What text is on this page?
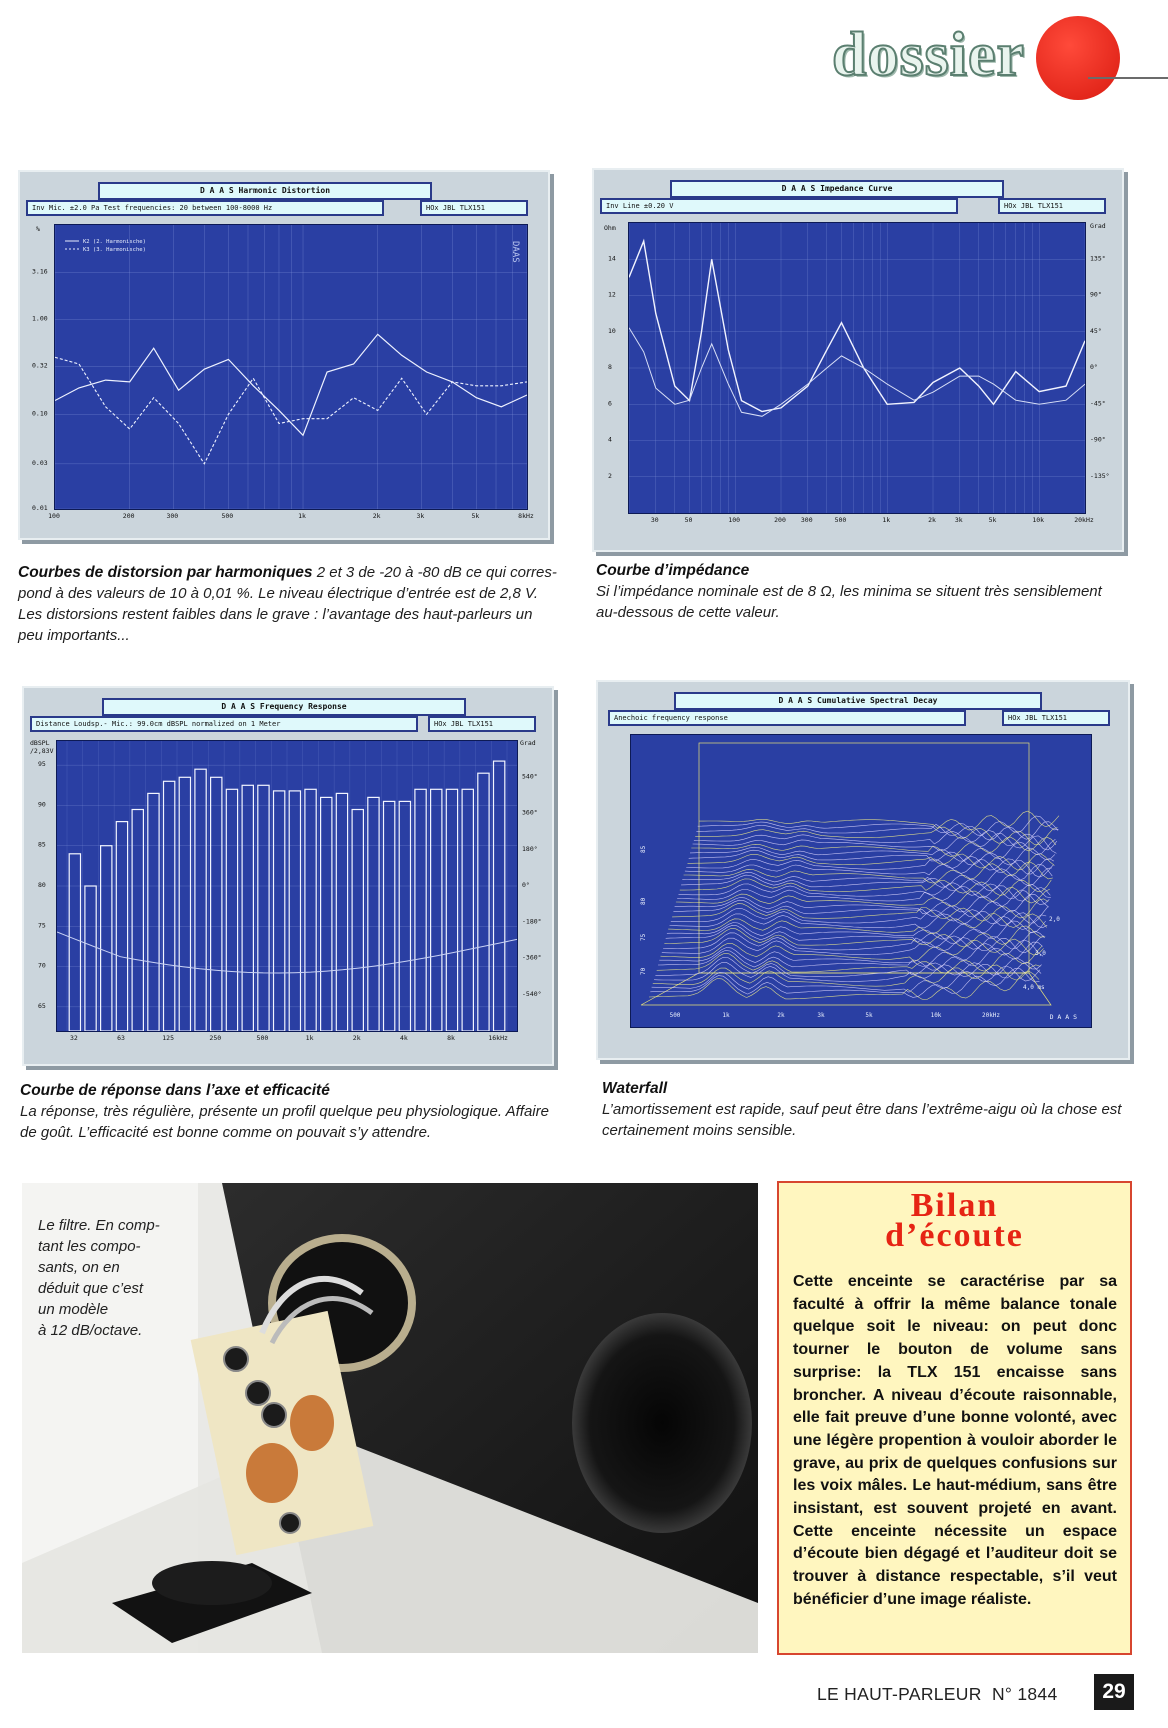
dossier
D A A S Harmonic Distortion
Inv Mic. ±2.0 Pa Test frequencies: 20 between 100-8000 Hz	HOx JBL TLX151
%
3.16
1.00
0.32
0.10
0.03
0.01
100	200	300	500	1k	2k	3k	5k	8kHz
DAAS
K2 (2. Harmonische)
K3 (3. Harmonische)
D A A S Impedance Curve
Inv Line ±0.20 V	HOx JBL TLX151
Ohm	Grad
14
12
10
8
6
4
2
135°
90°
45°
0°
-45°
-90°
-135°
30	50	100	200 300	500	1k	2k	3k	5k	10k	20kHz
D A A S Frequency Response
Distance Loudsp.- Mic.: 99.0cm dBSPL normalized on 1 Meter	HOx JBL TLX151
dBSPL
/2,83V
Grad
95
90
85
80
75
70
65
540°
360°
180°
0°
-180°
-360°
-540°
32	63	125	250	500	1k	2k	4k	8k	16kHz
D A A S Cumulative Spectral Decay
Anechoic frequency response	HOx JBL TLX151
500	1k	2k	3k	5k	10k	20kHz
85
80
75
70
2,0
3,0
4,0 ms
D A A S
Courbes de distorsion par harmoniques 2 et 3 de -20 à -80 dB ce qui corres-
pond à des valeurs de 10 à 0,01 %. Le niveau électrique d’entrée est de 2,8 V.
Les distorsions restent faibles dans le grave : l’avantage des haut-parleurs un
peu importants...
Courbe d’impédance
Si l’impédance nominale est de 8 Ω, les minima se situent très sensiblement
au-dessous de cette valeur.
Courbe de réponse dans l’axe et efficacité
La réponse, très régulière, présente un profil quelque peu physiologique. Affaire
de goût. L’efficacité est bonne comme on pouvait s’y attendre.
Waterfall
L’amortissement est rapide, sauf peut être dans l’extrême-aigu où la chose est
certainement moins sensible.
Le filtre. En comp-
tant les compo-
sants, on en
déduit que c’est
un modèle
à 12 dB/octave.
Bilan
d’écoute
Cette enceinte se caractérise par sa faculté à offrir la même balance tonale quelque soit le niveau: on peut donc tourner le bouton de volume sans surprise: la TLX 151 encaisse sans broncher. A niveau d’écoute raisonnable, elle fait preuve d’une bonne volonté, avec une légère propention à vouloir aborder le grave, au prix de quelques confusions sur les voix mâles. Le haut-médium, sans être insistant, est souvent projeté en avant. Cette enceinte nécessite un espace d’écoute bien dégagé et l’auditeur doit se trouver à distance respectable, s’il veut bénéficier d’une image réaliste.
LE HAUT-PARLEUR  N° 1844	29
